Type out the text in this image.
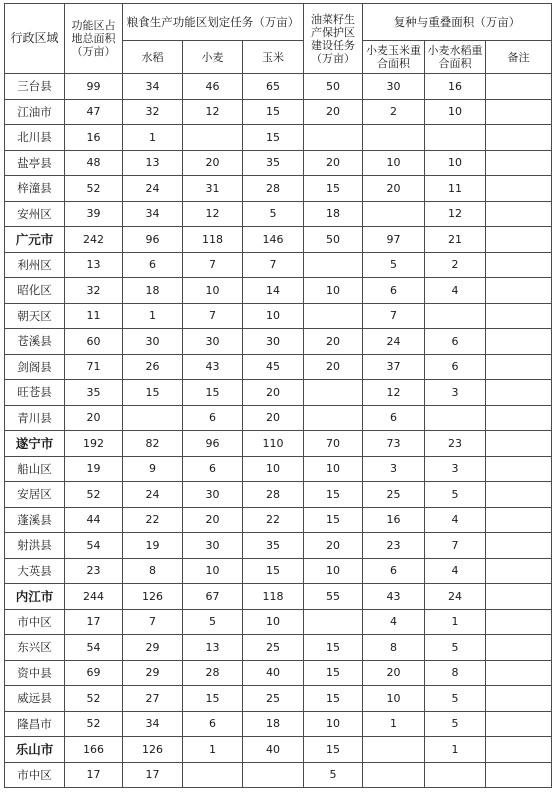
行政区域	功能区占地总面积（万亩）	粮食生产功能区划定任务（万亩）			油菜籽生产保护区建设任务（万亩）	复种与重叠面积（万亩）		
		水稻	小麦	玉米		小麦玉米重合面积	小麦水稻重合面积	备注
三台县	99	34	46	65	50	30	16	
江油市	47	32	12	15	20	2	10	
北川县	16	1		15				
盐亭县	48	13	20	35	20	10	10	
梓潼县	52	24	31	28	15	20	11	
安州区	39	34	12	5	18		12	
广元市	242	96	118	146	50	97	21	
利州区	13	6	7	7		5	2	
昭化区	32	18	10	14	10	6	4	
朝天区	11	1	7	10		7		
苍溪县	60	30	30	30	20	24	6	
剑阁县	71	26	43	45	20	37	6	
旺苍县	35	15	15	20		12	3	
青川县	20		6	20		6		
遂宁市	192	82	96	110	70	73	23	
船山区	19	9	6	10	10	3	3	
安居区	52	24	30	28	15	25	5	
蓬溪县	44	22	20	22	15	16	4	
射洪县	54	19	30	35	20	23	7	
大英县	23	8	10	15	10	6	4	
内江市	244	126	67	118	55	43	24	
市中区	17	7	5	10		4	1	
东兴区	54	29	13	25	15	8	5	
资中县	69	29	28	40	15	20	8	
威远县	52	27	15	25	15	10	5	
隆昌市	52	34	6	18	10	1	5	
乐山市	166	126	1	40	15		1	
市中区	17	17			5			
